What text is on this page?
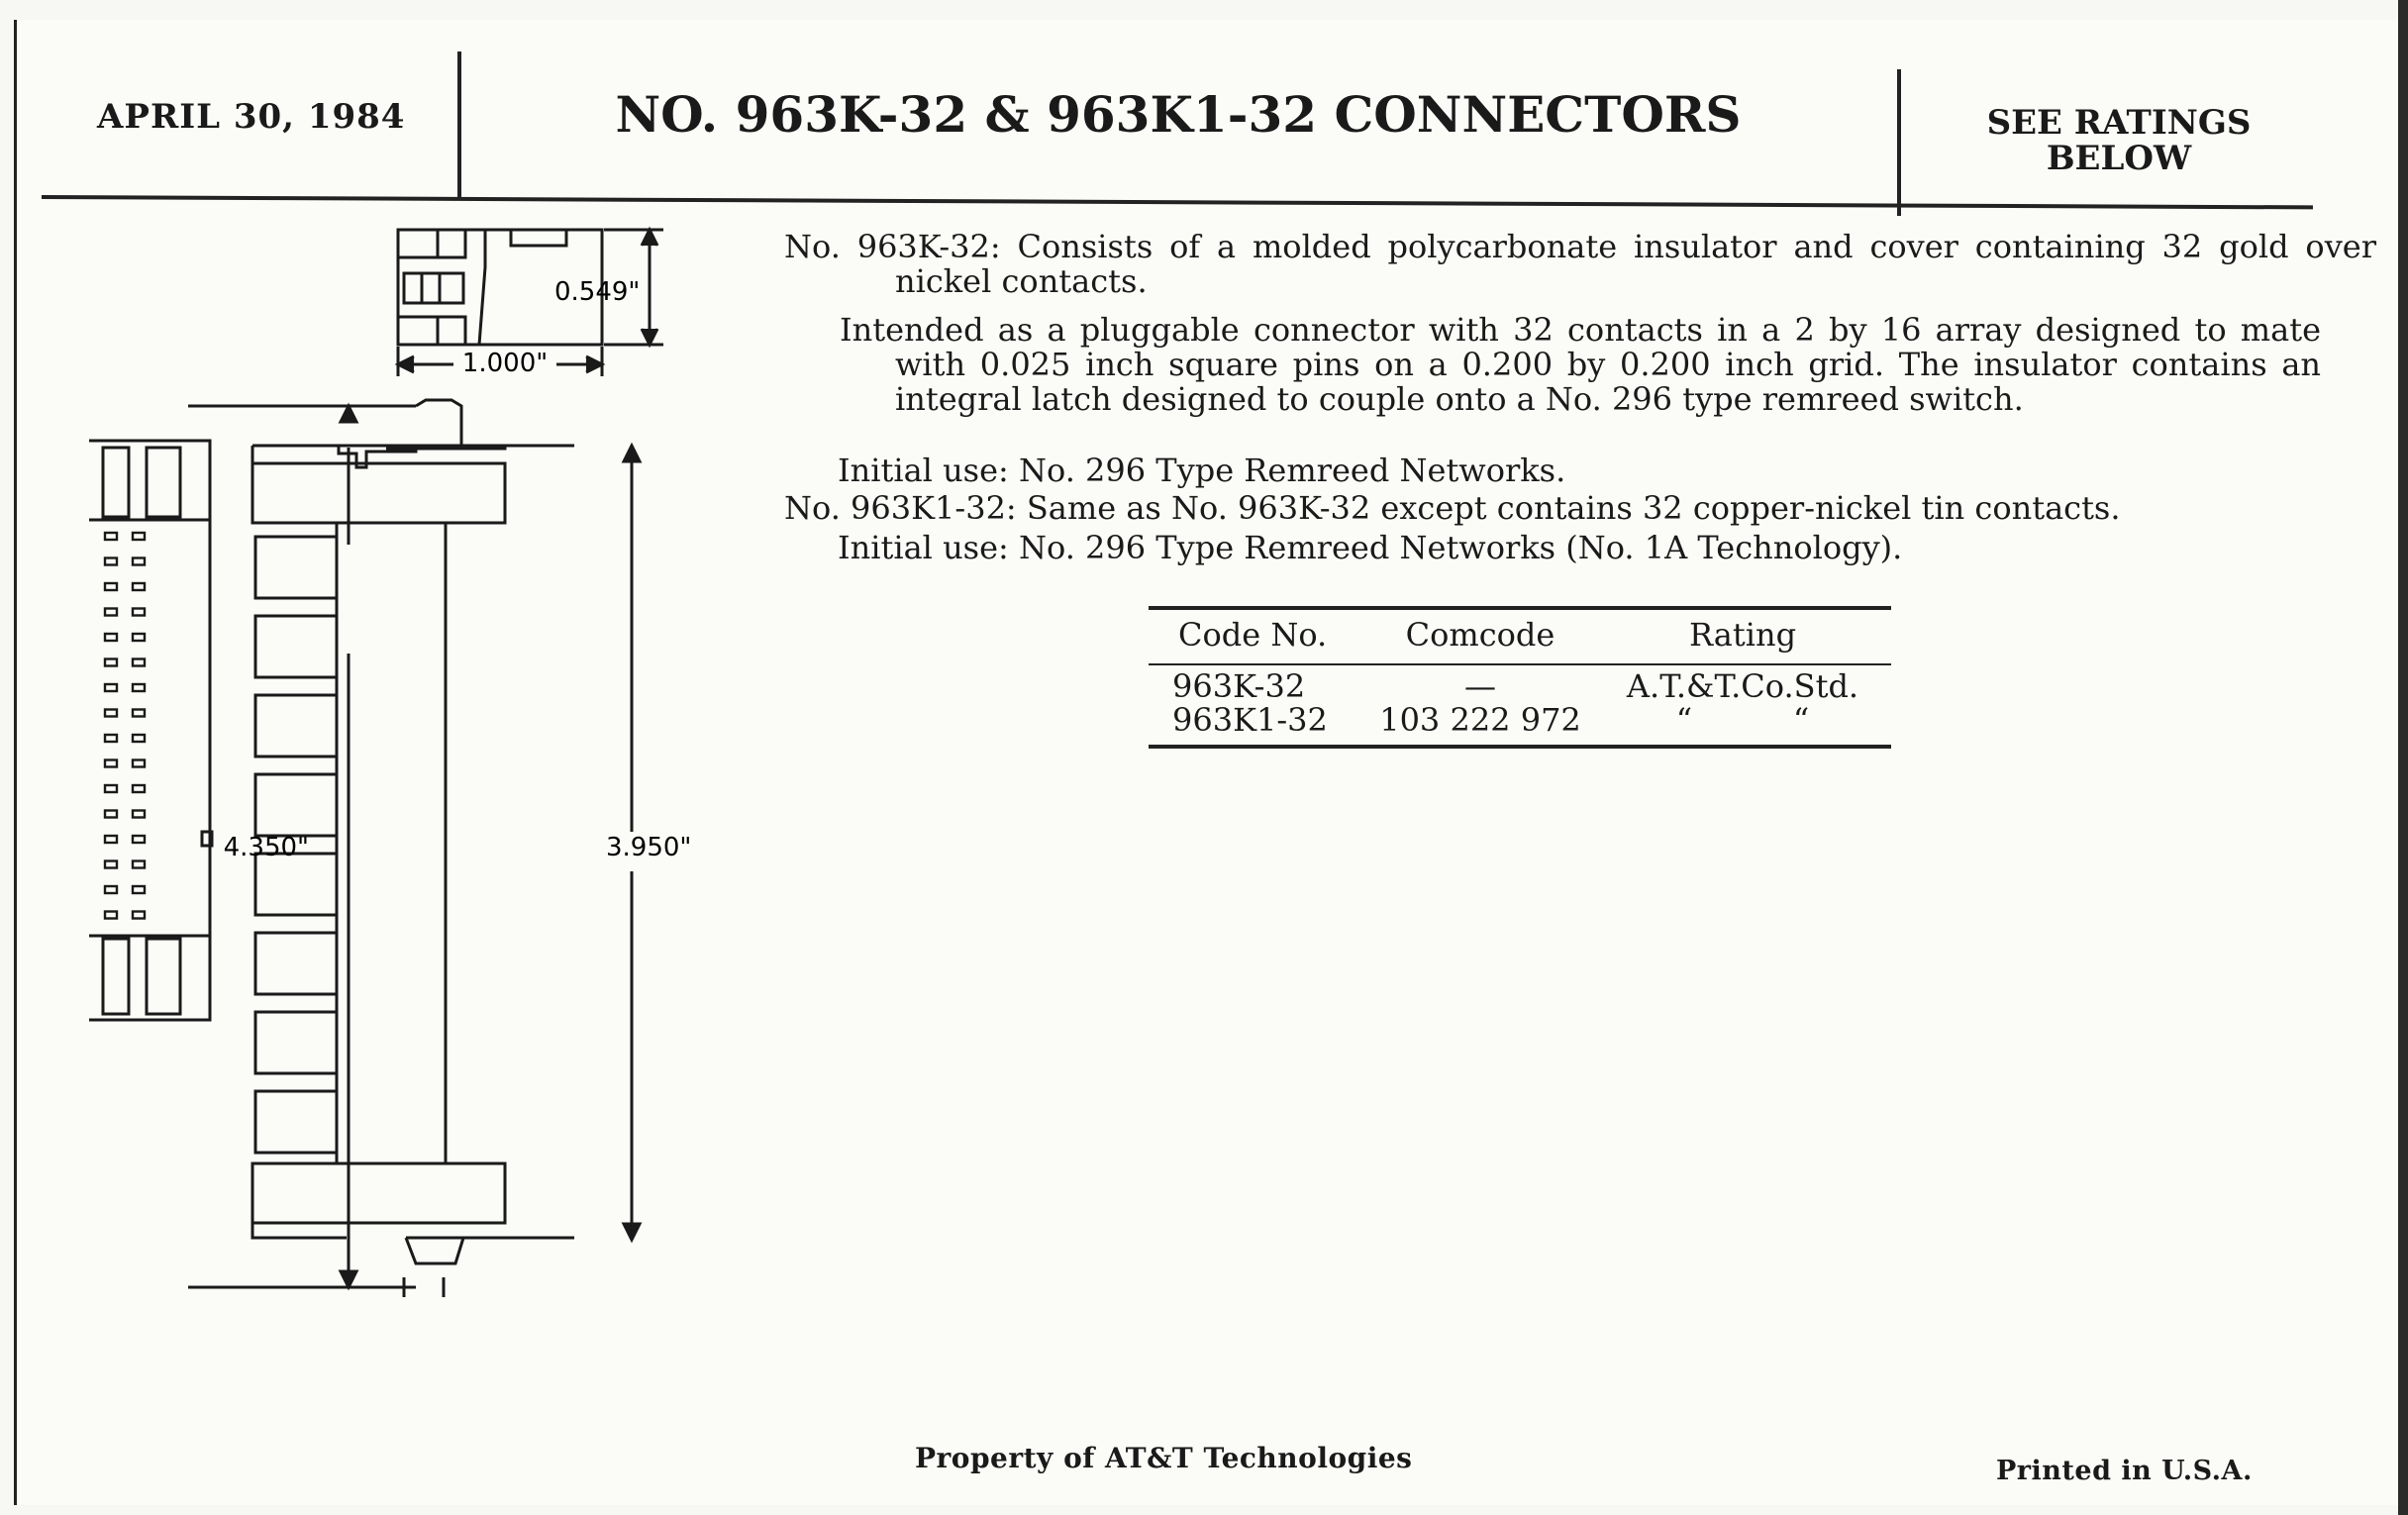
APRIL 30, 1984	NO. 963K-32 & 963K1-32 CONNECTORS	SEE RATINGS
BELOW
0.549"
1.000"
4.350"	3.950"
No. 963K-32: Consists of a molded polycarbonate insulator and cover containing 32 gold over nickel contacts.
Intended as a pluggable connector with 32 contacts in a 2 by 16 array designed to mate with 0.025 inch square pins on a 0.200 by 0.200 inch grid. The insulator contains an integral latch designed to couple onto a No. 296 type remreed switch.
Initial use: No. 296 Type Remreed Networks.
No. 963K1-32: Same as No. 963K-32 except contains 32 copper-nickel tin contacts.
Initial use: No. 296 Type Remreed Networks (No. 1A Technology).
Code No.	Comcode	Rating
963K-32	—	A.T.&T.Co.Std.
963K1-32	103 222 972	“          “
Property of AT&T Technologies	Printed in U.S.A.
